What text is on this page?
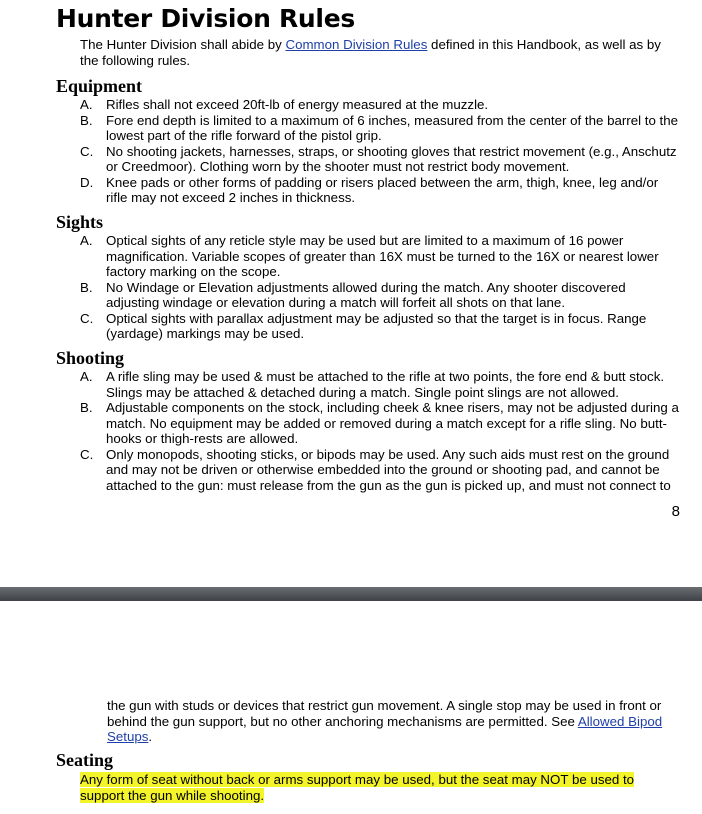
Hunter Division Rules
The Hunter Division shall abide by Common Division Rules defined in this Handbook, as well as by the following rules.
Equipment
A.	Rifles shall not exceed 20ft-lb of energy measured at the muzzle.
B.	Fore end depth is limited to a maximum of 6 inches, measured from the center of the barrel to the lowest part of the rifle forward of the pistol grip.
C. No shooting jackets, harnesses, straps, or shooting gloves that restrict movement (e.g., Anschutz or Creedmoor). Clothing worn by the shooter must not restrict body movement.
D. Knee pads or other forms of padding or risers placed between the arm, thigh, knee, leg and/or rifle may not exceed 2 inches in thickness.
Sights
A.	Optical sights of any reticle style may be used but are limited to a maximum of 16 power magnification. Variable scopes of greater than 16X must be turned to the 16X or nearest lower factory marking on the scope.
B.	No Windage or Elevation adjustments allowed during the match. Any shooter discovered adjusting windage or elevation during a match will forfeit all shots on that lane.
C. Optical sights with parallax adjustment may be adjusted so that the target is in focus. Range (yardage) markings may be used.
Shooting
A.	A rifle sling may be used & must be attached to the rifle at two points, the fore end & butt stock. Slings may be attached & detached during a match. Single point slings are not allowed.
B.	Adjustable components on the stock, including cheek & knee risers, may not be adjusted during a match. No equipment may be added or removed during a match except for a rifle sling. No butt-hooks or thigh-rests are allowed.
C. Only monopods, shooting sticks, or bipods may be used. Any such aids must rest on the ground and may not be driven or otherwise embedded into the ground or shooting pad, and cannot be attached to the gun: must release from the gun as the gun is picked up, and must not connect to
8
the gun with studs or devices that restrict gun movement. A single stop may be used in front or behind the gun support, but no other anchoring mechanisms are permitted. See Allowed Bipod Setups.
Seating
Any form of seat without back or arms support may be used, but the seat may NOT be used to support the gun while shooting.
